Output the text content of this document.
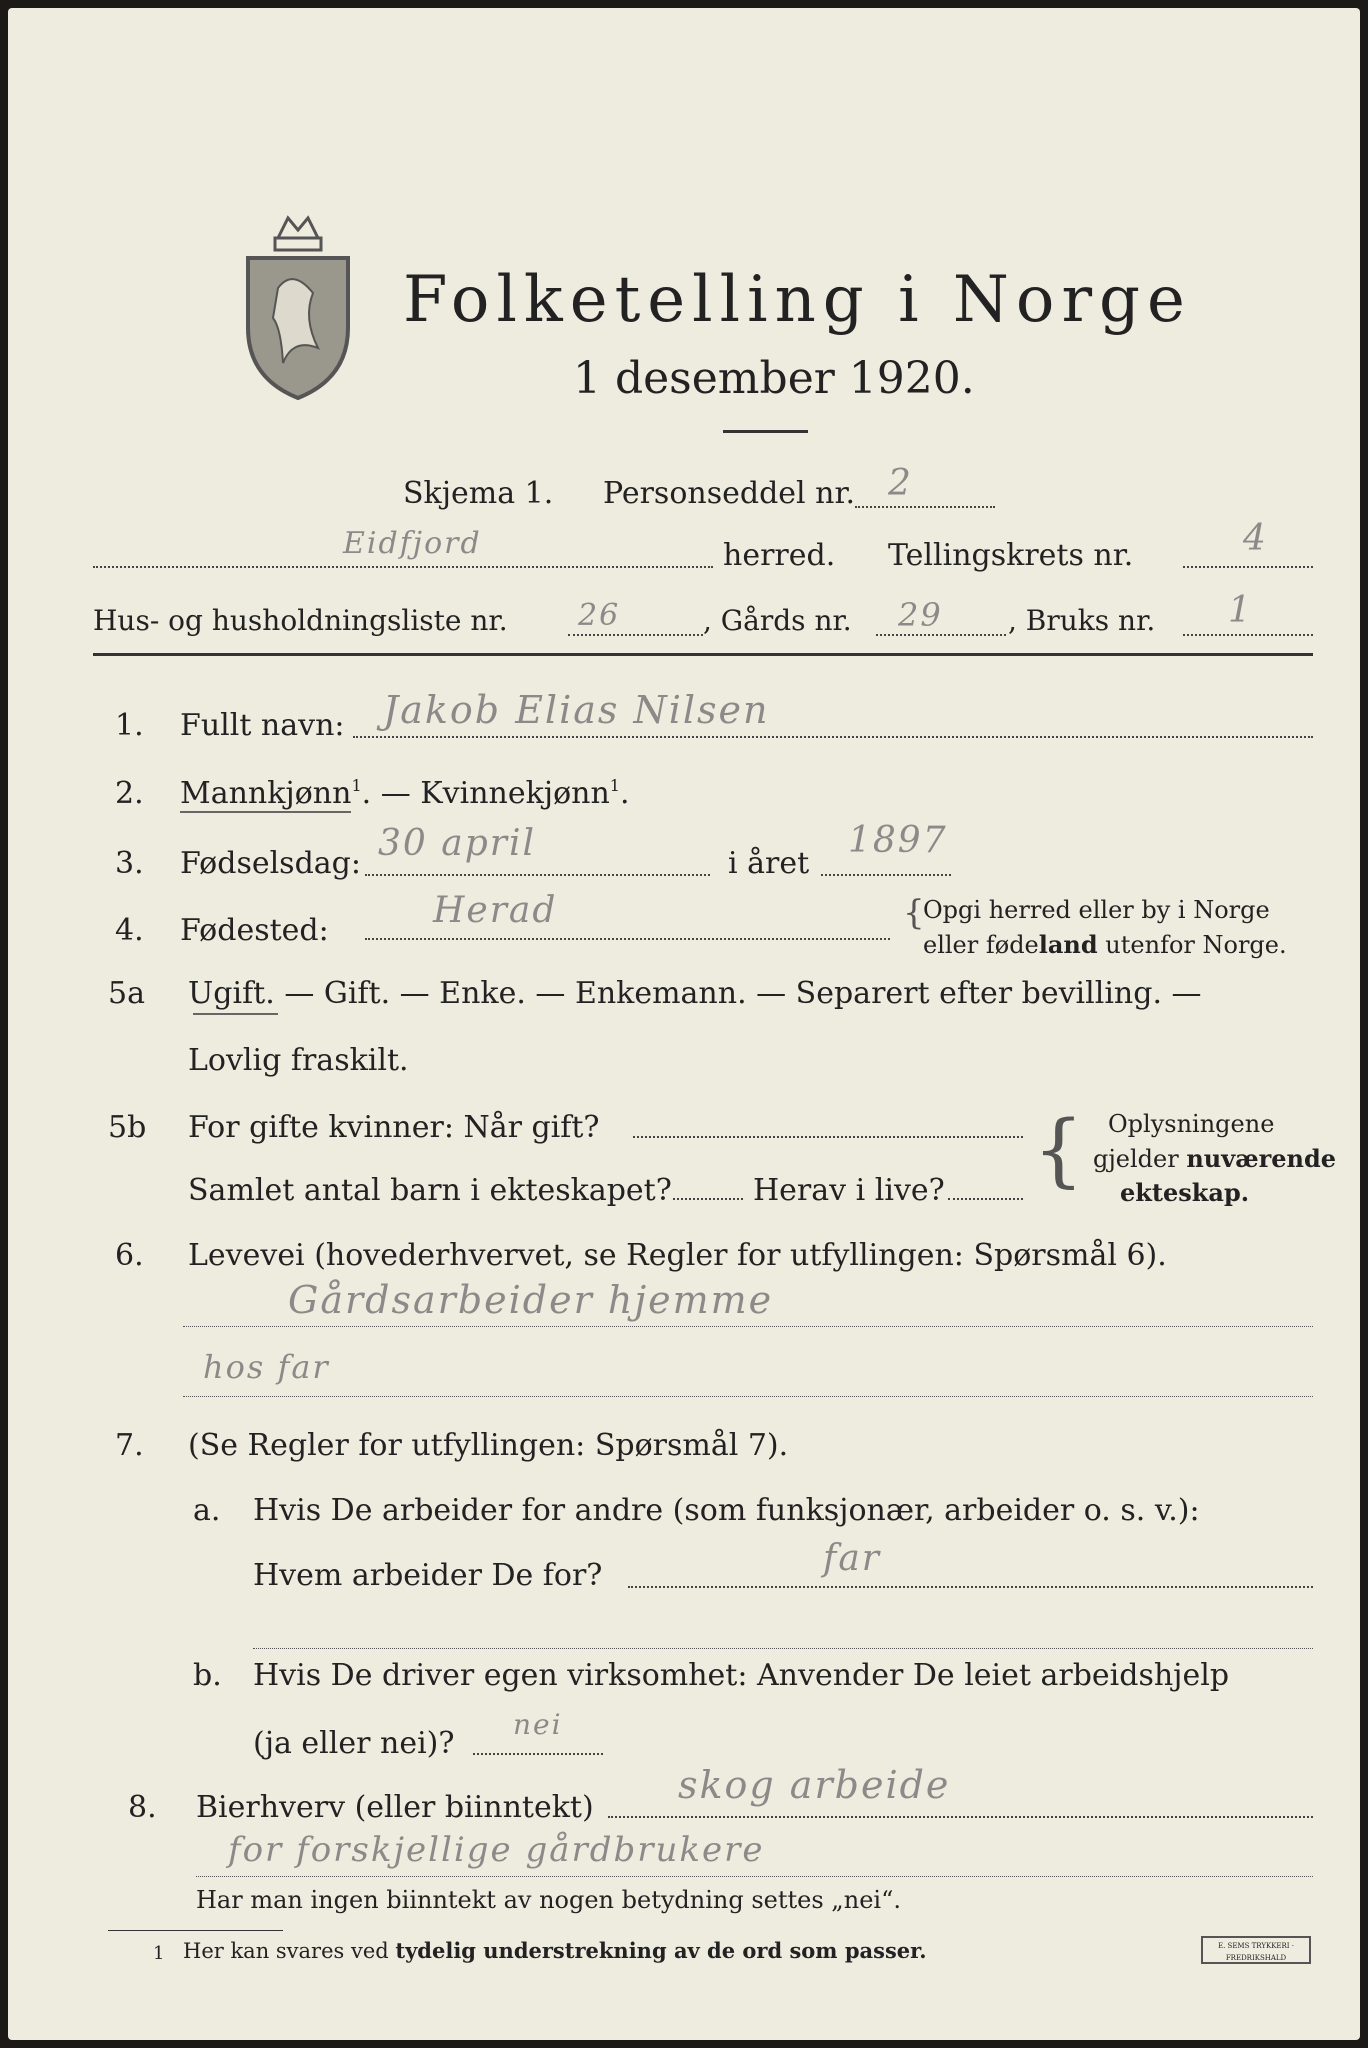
Folketelling i Norge
1 desember 1920.
Skjema 1. Personseddel nr. 2
Eidfjord	herred. Tellingskrets nr.	4
Hus- og husholdningsliste nr. 26	, Gårds nr. 29 , Bruks nr. 1
1. Fullt navn: Jakob Elias Nilsen
2. Mannkjønn$^1$. — Kvinnekjønn$^1$.
3. Fødselsdag: 30 april	i året
1897
4. Fødested:	Herad	{
Opgi herred eller by i Norge
eller fødeland utenfor Norge.
5a Ugift. — Gift. — Enke. — Enkemann. — Separert efter bevilling. —
Lovlig fraskilt.
5b For gifte kvinner: Når gift?
Samlet antal barn i ekteskapet?	Herav i live? { Oplysningene
gjelder nuværende
ekteskap.
6. Levevei (hovederhvervet, se Regler for utfyllingen: Spørsmål 6).
Gårdsarbeider hjemme
hos far
7. (Se Regler for utfyllingen: Spørsmål 7).
a. Hvis De arbeider for andre (som funksjonær, arbeider o. s. v.):
Hvem arbeider De for?	far
b. Hvis De driver egen virksomhet: Anvender De leiet arbeidshjelp
(ja eller nei)?
nei
8. Bierhverv (eller biinntekt)
skog arbeide
for forskjellige gårdbrukere
Har man ingen biinntekt av nogen betydning settes „nei“.
1 Her kan svares ved tydelig understrekning av de ord som passer.	E. SEMS TRYKKERI · FREDRIKSHALD
